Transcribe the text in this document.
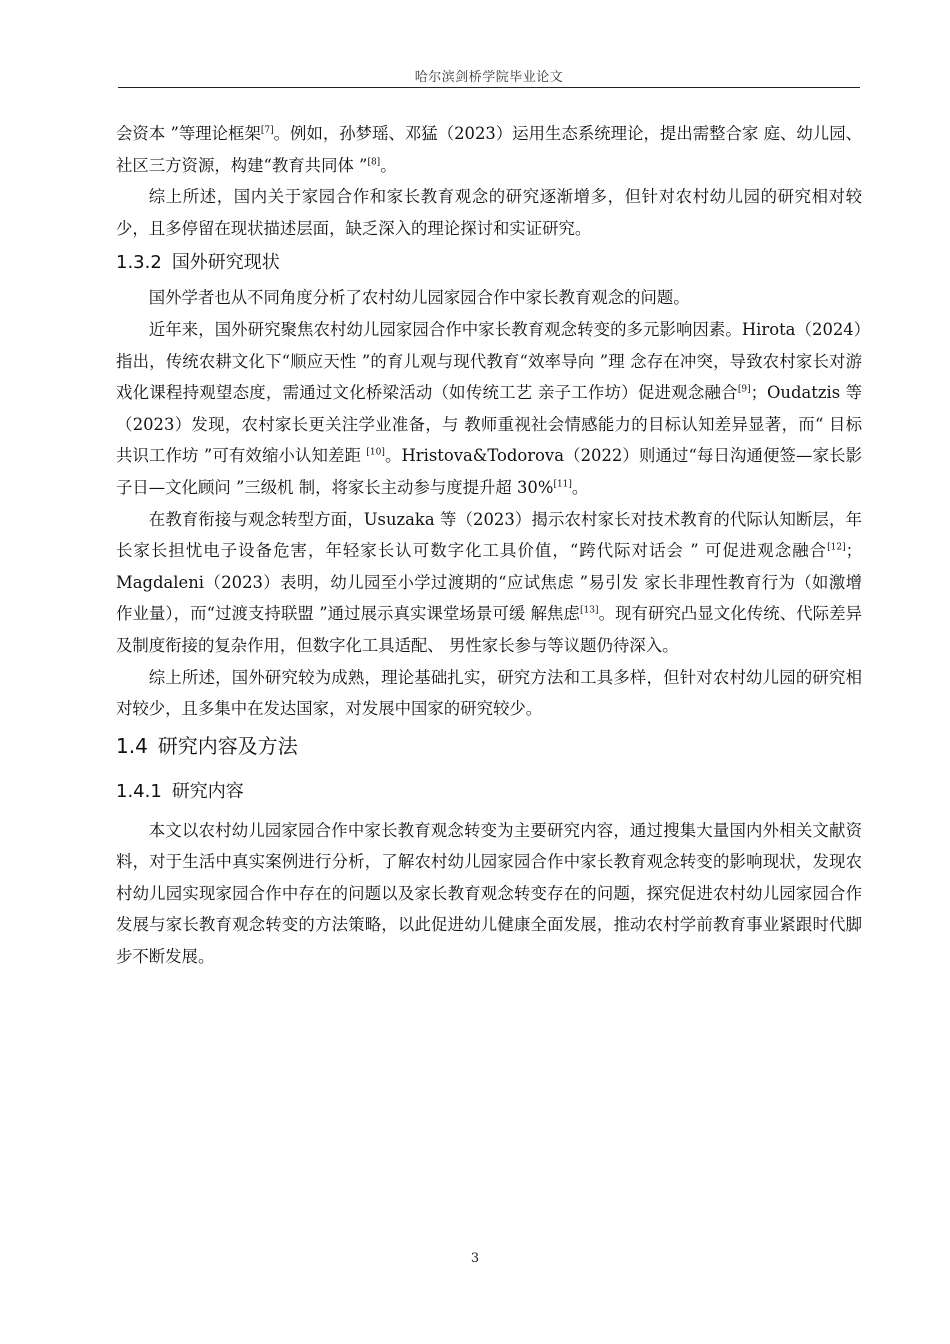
哈尔滨剑桥学院毕业论文

会资本 ”等理论框架[7]。例如，孙梦瑶、邓猛（2023）运用生态系统理论，提出需整合家 庭、幼儿园、社区三方资源，构建“教育共同体 ”[8]。

综上所述，国内关于家园合作和家长教育观念的研究逐渐增多，但针对农村幼儿园的研究相对较少，且多停留在现状描述层面，缺乏深入的理论探讨和实证研究。

1.3.2 国外研究现状

国外学者也从不同角度分析了农村幼儿园家园合作中家长教育观念的问题。

近年来，国外研究聚焦农村幼儿园家园合作中家长教育观念转变的多元影响因素。Hirota（2024）指出，传统农耕文化下“顺应天性 ”的育儿观与现代教育“效率导向 ”理 念存在冲突，导致农村家长对游戏化课程持观望态度，需通过文化桥梁活动（如传统工艺 亲子工作坊）促进观念融合[9]；Oudatzis 等（2023）发现，农村家长更关注学业准备，与 教师重视社会情感能力的目标认知差异显著，而“ 目标共识工作坊 ”可有效缩小认知差距 [10]。Hristova&Todorova（2022）则通过“每日沟通便签—家长影子日—文化顾问 ”三级机 制，将家长主动参与度提升超 30%[11]。

在教育衔接与观念转型方面，Usuzaka 等（2023）揭示农村家长对技术教育的代际认知断层，年长家长担忧电子设备危害，年轻家长认可数字化工具价值，“跨代际对话会 ” 可促进观念融合[12]；Magdaleni（2023）表明，幼儿园至小学过渡期的“应试焦虑 ”易引发 家长非理性教育行为（如激增作业量），而“过渡支持联盟 ”通过展示真实课堂场景可缓 解焦虑[13]。现有研究凸显文化传统、代际差异及制度衔接的复杂作用，但数字化工具适配、 男性家长参与等议题仍待深入。

综上所述，国外研究较为成熟，理论基础扎实，研究方法和工具多样，但针对农村幼儿园的研究相对较少，且多集中在发达国家，对发展中国家的研究较少。

1.4 研究内容及方法
1.4.1 研究内容

本文以农村幼儿园家园合作中家长教育观念转变为主要研究内容，通过搜集大量国内外相关文献资料，对于生活中真实案例进行分析，了解农村幼儿园家园合作中家长教育观念转变的影响现状，发现农村幼儿园实现家园合作中存在的问题以及家长教育观念转变存在的问题，探究促进农村幼儿园家园合作发展与家长教育观念转变的方法策略，以此促进幼儿健康全面发展，推动农村学前教育事业紧跟时代脚步不断发展。

3
